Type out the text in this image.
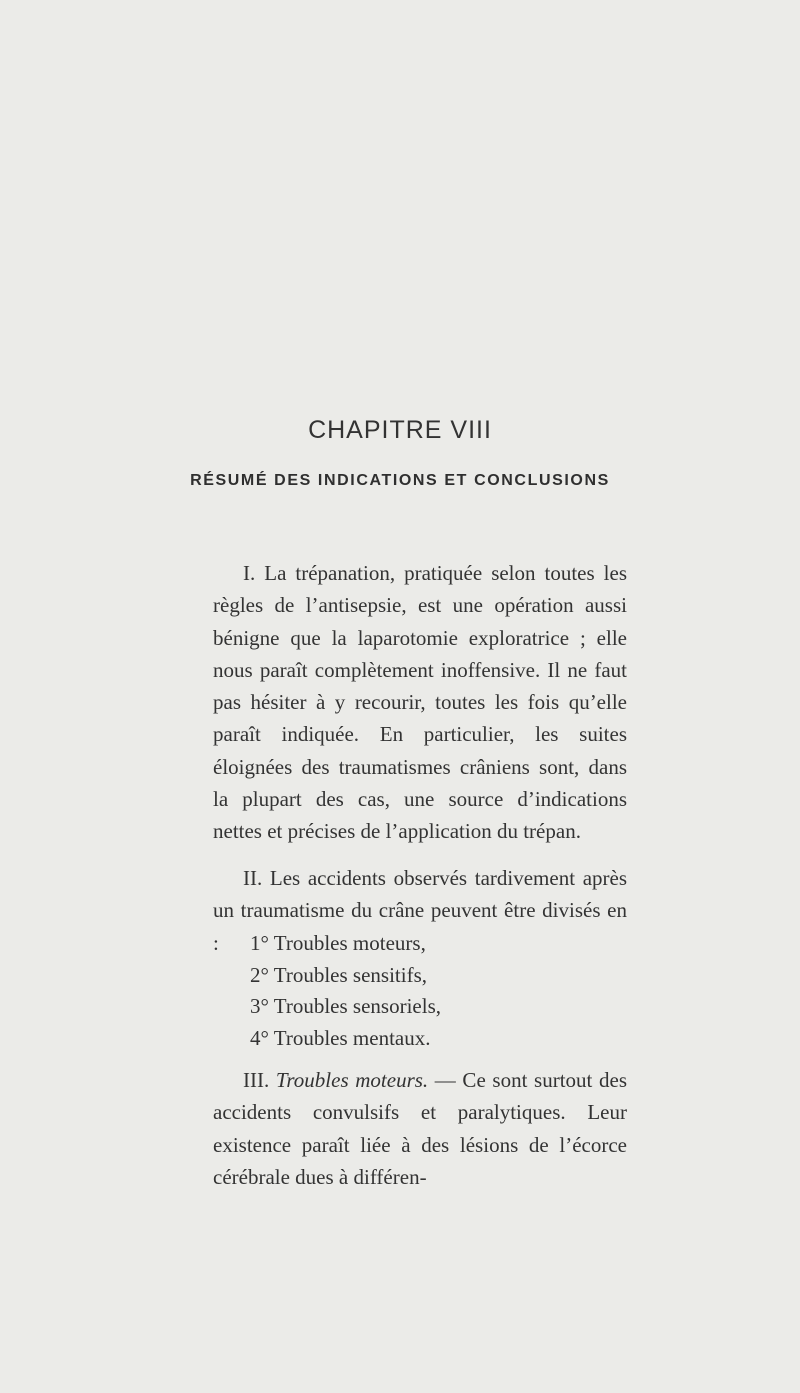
CHAPITRE VIII
RÉSUMÉ DES INDICATIONS ET CONCLUSIONS

I. La trépanation, pratiquée selon toutes les règles de l’antisepsie, est une opération aussi bénigne que la laparotomie exploratrice ; elle nous paraît complètement inoffensive. Il ne faut pas hésiter à y recourir, toutes les fois qu’elle paraît indiquée. En particulier, les suites éloignées des traumatismes crâniens sont, dans la plupart des cas, une source d’indications nettes et précises de l’application du trépan.

II. Les accidents observés tardivement après un traumatisme du crâne peuvent être divisés en :	1° Troubles moteurs,
2° Troubles sensitifs,
3° Troubles sensoriels,
4° Troubles mentaux.

III. Troubles moteurs. — Ce sont surtout des accidents convulsifs et paralytiques. Leur existence paraît liée à des lésions de l’écorce cérébrale dues à différen-
